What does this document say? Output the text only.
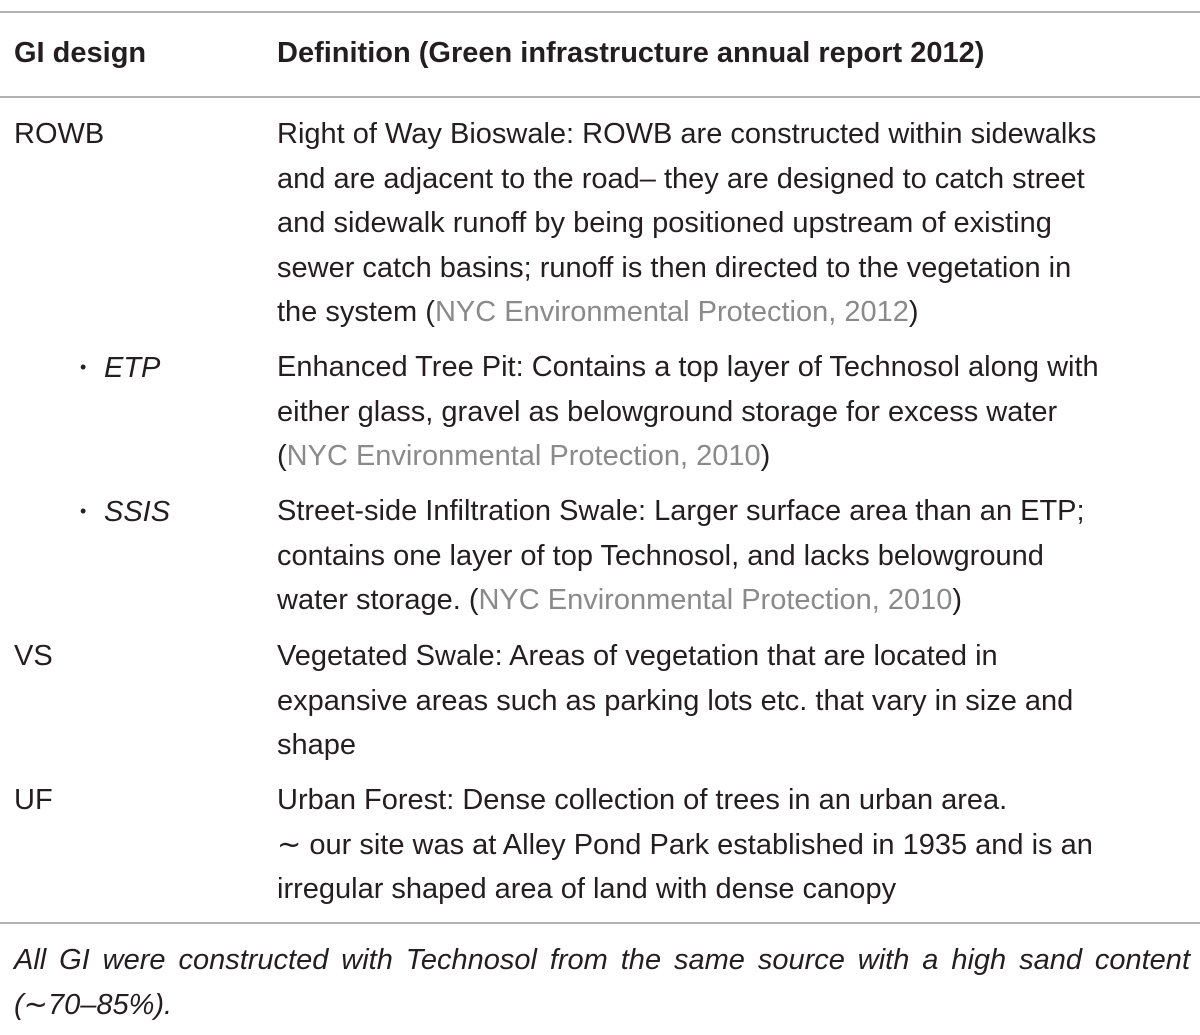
GI design	Definition (Green infrastructure annual report 2012)
ROWB	Right of Way Bioswale: ROWB are constructed within sidewalks
and are adjacent to the road– they are designed to catch street
and sidewalk runoff by being positioned upstream of existing
sewer catch basins; runoff is then directed to the vegetation in
the system (NYC Environmental Protection, 2012)
• ETP	Enhanced Tree Pit: Contains a top layer of Technosol along with
either glass, gravel as belowground storage for excess water
(NYC Environmental Protection, 2010)
• SSIS	Street-side Infiltration Swale: Larger surface area than an ETP;
contains one layer of top Technosol, and lacks belowground
water storage. (NYC Environmental Protection, 2010)
VS	Vegetated Swale: Areas of vegetation that are located in
expansive areas such as parking lots etc. that vary in size and
shape
UF	Urban Forest: Dense collection of trees in an urban area.
∼ our site was at Alley Pond Park established in 1935 and is an
irregular shaped area of land with dense canopy
All GI were constructed with Technosol from the same source with a high sand content (∼70–85%).
